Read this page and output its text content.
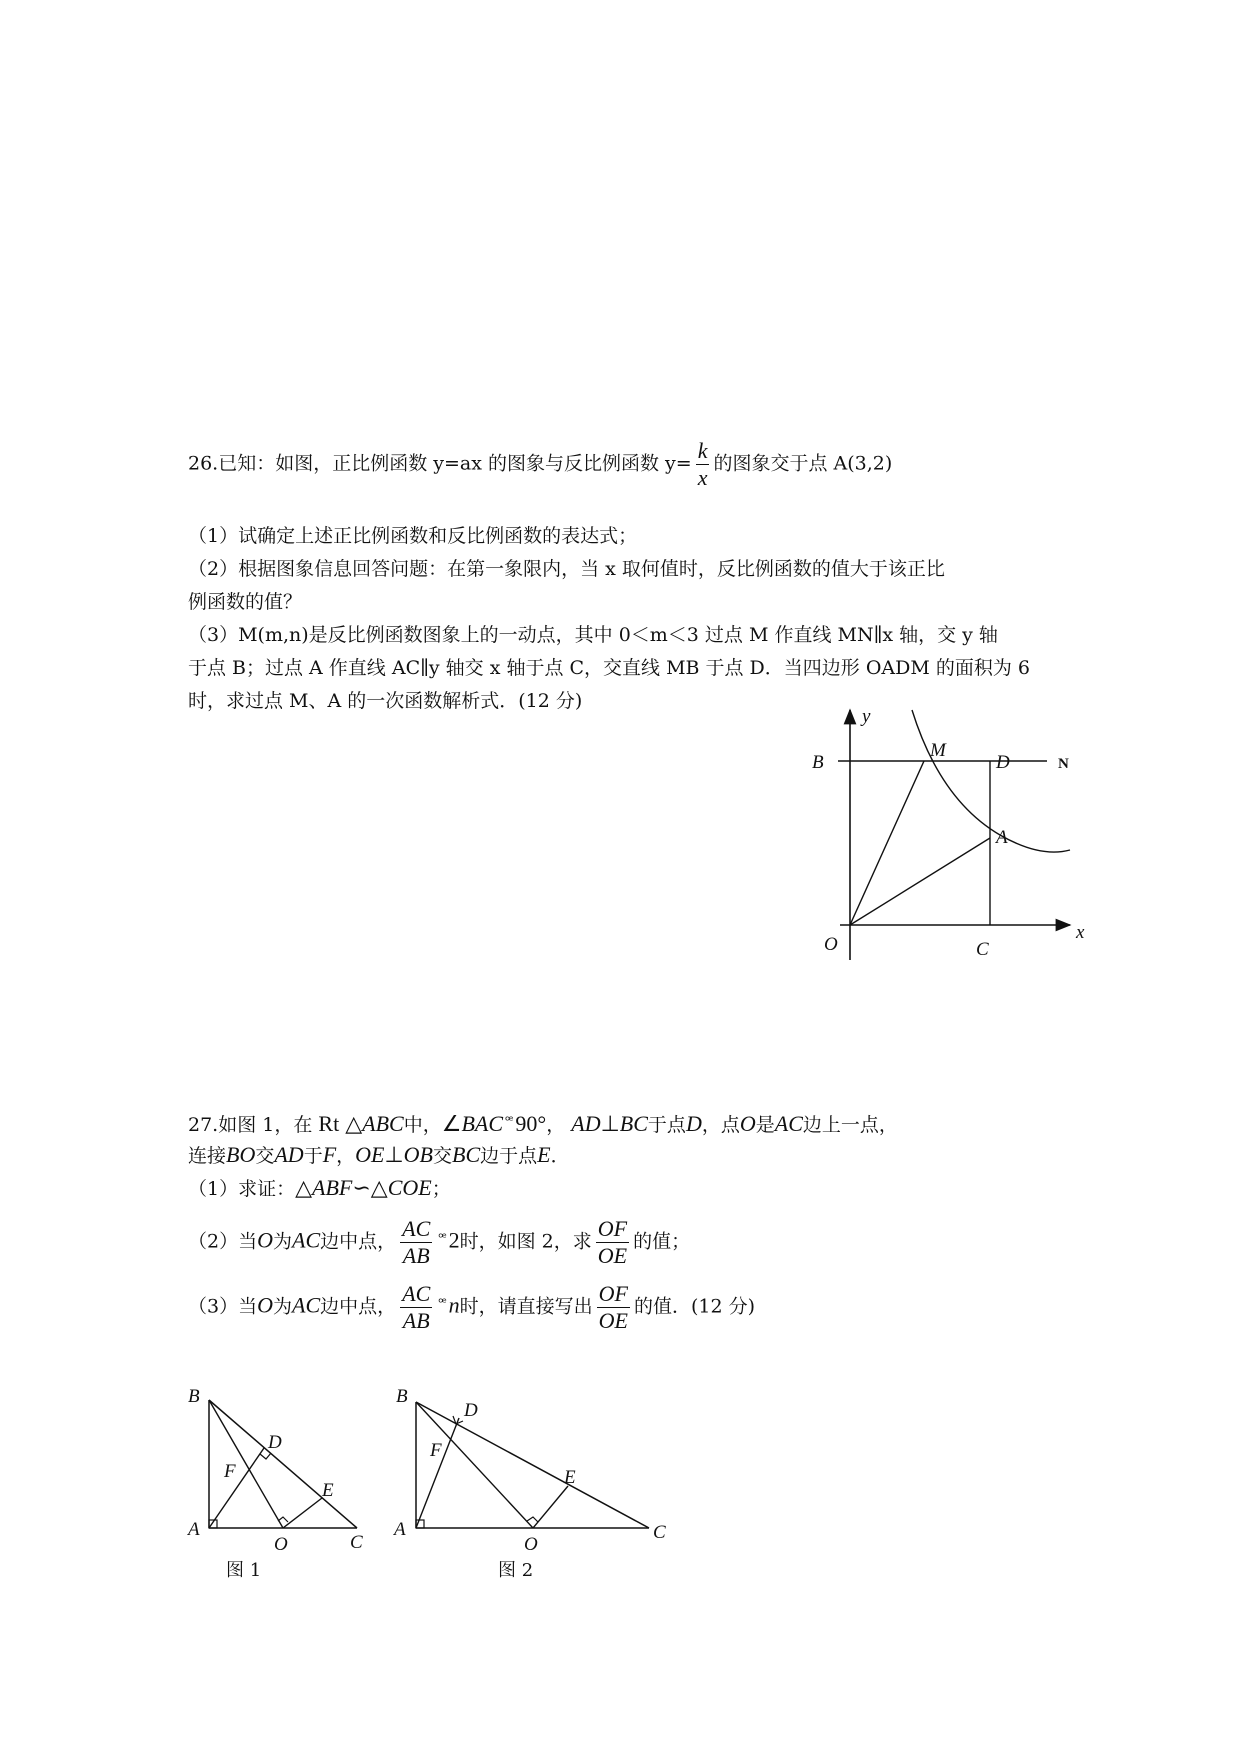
26.已知：如图，正比例函数 y=ax 的图象与反比例函数 $y= \frac{k}{x}$ 的图象交于点 A(3,2)
（1）试确定上述正比例函数和反比例函数的表达式；
（2）根据图象信息回答问题：在第一象限内，当 x 取何值时，反比例函数的值大于该正比
例函数的值？
（3）M(m,n)是反比例函数图象上的一动点，其中 0＜m＜3 过点 M 作直线 MN∥x 轴，交 y 轴
于点 B；过点 A 作直线 AC∥y 轴交 x 轴于点 C，交直线 MB 于点 D．当四边形 OADM 的面积为 6
时，求过点 M、A 的一次函数解析式．(12 分)
y
x
O
B
M
D	N
A
C
27.如图 1，在 Rt △ABC中，∠BAC $^ꟹ$90°， AD⊥BC于点D，点O是AC边上一点，
连接BO交AD于F，OE⊥OB交BC边于点E．
（1）求证：△ABF∽△COE；
（2）当O为AC边中点， $\frac{AC}{AB} ^ꟹ2$时，如图 2，求 $\frac{OF}{OE}$ 的值；
（3）当O为AC边中点， $\frac{AC}{AB} ^ꟹn$时，请直接写出 $\frac{OF}{OE}$ 的值．(12 分)
B
D
F
E
A
O	C
图 1
B
D
F
E
A
O
C
图 2
